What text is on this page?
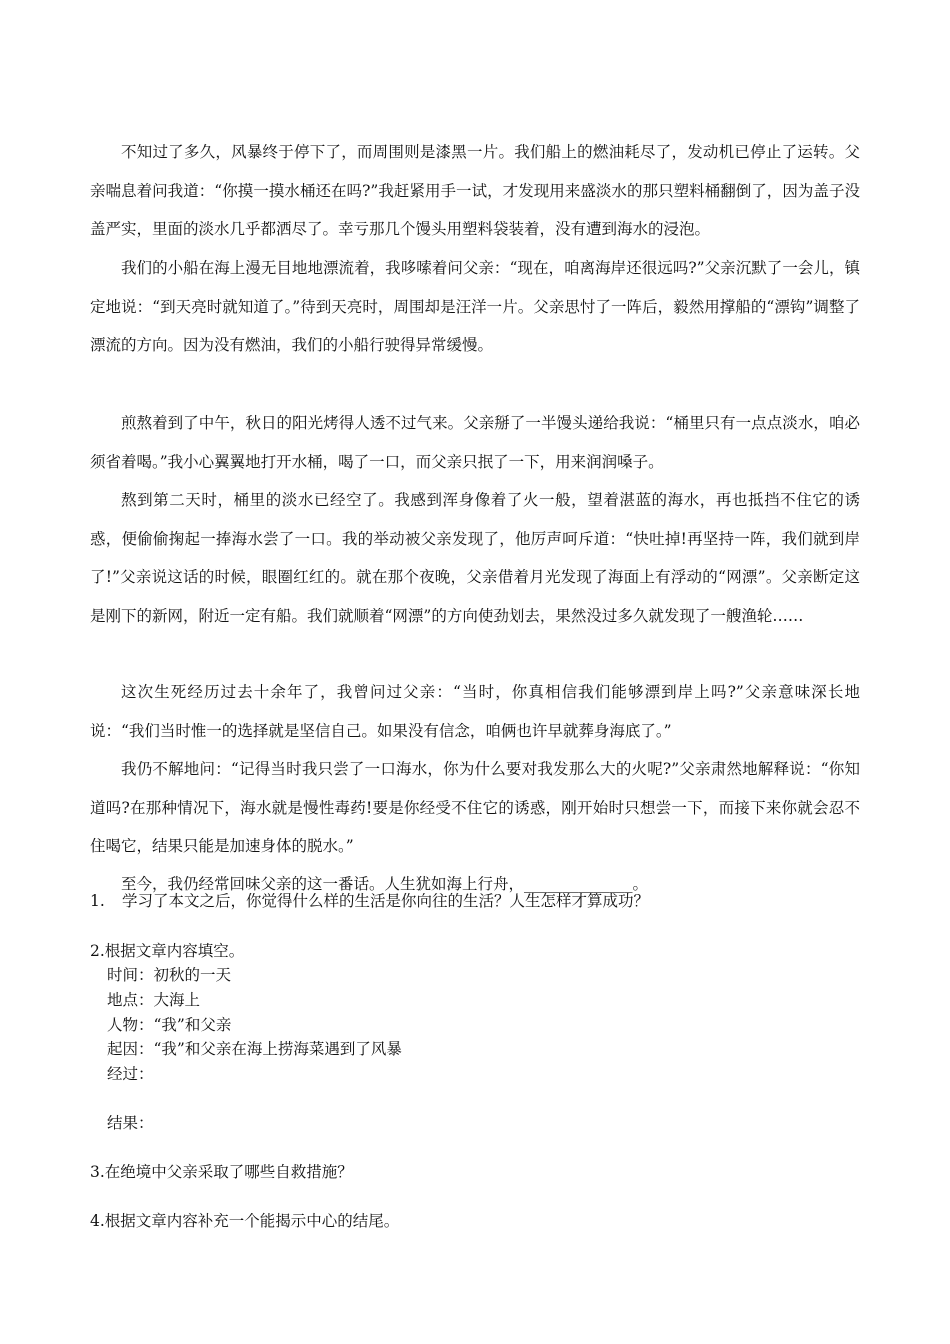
不知过了多久，风暴终于停下了，而周围则是漆黑一片。我们船上的燃油耗尽了，发动机已停止了运转。父亲喘息着问我道：“你摸一摸水桶还在吗?”我赶紧用手一试，才发现用来盛淡水的那只塑料桶翻倒了，因为盖子没盖严实，里面的淡水几乎都洒尽了。幸亏那几个馒头用塑料袋装着，没有遭到海水的浸泡。

我们的小船在海上漫无目地地漂流着，我哆嗦着问父亲：“现在，咱离海岸还很远吗?”父亲沉默了一会儿，镇定地说：“到天亮时就知道了。”待到天亮时，周围却是汪洋一片。父亲思忖了一阵后，毅然用撑船的“漂钩”调整了漂流的方向。因为没有燃油，我们的小船行驶得异常缓慢。

煎熬着到了中午，秋日的阳光烤得人透不过气来。父亲掰了一半馒头递给我说：“桶里只有一点点淡水，咱必须省着喝。”我小心翼翼地打开水桶，喝了一口，而父亲只抿了一下，用来润润嗓子。

熬到第二天时，桶里的淡水已经空了。我感到浑身像着了火一般，望着湛蓝的海水，再也抵挡不住它的诱惑，便偷偷掬起一捧海水尝了一口。我的举动被父亲发现了，他厉声呵斥道：“快吐掉!再坚持一阵，我们就到岸了!”父亲说这话的时候，眼圈红红的。就在那个夜晚，父亲借着月光发现了海面上有浮动的“网漂”。父亲断定这是刚下的新网，附近一定有船。我们就顺着“网漂”的方向使劲划去，果然没过多久就发现了一艘渔轮……

这次生死经历过去十余年了，我曾问过父亲：“当时，你真相信我们能够漂到岸上吗?”父亲意味深长地说：“我们当时惟一的选择就是坚信自己。如果没有信念，咱俩也许早就葬身海底了。”

我仍不解地问：“记得当时我只尝了一口海水，你为什么要对我发那么大的火呢?”父亲肃然地解释说：“你知道吗?在那种情况下，海水就是慢性毒药!要是你经受不住它的诱惑，刚开始时只想尝一下，而接下来你就会忍不住喝它，结果只能是加速身体的脱水。”

至今，我仍经常回味父亲的这一番话。人生犹如海上行舟，______________。

1. 学习了本文之后，你觉得什么样的生活是你向往的生活？人生怎样才算成功？

2.根据文章内容填空。

时间：初秋的一天

地点：大海上

人物：“我”和父亲

起因：“我”和父亲在海上捞海菜遇到了风暴

经过：

结果：

3.在绝境中父亲采取了哪些自救措施？

4.根据文章内容补充一个能揭示中心的结尾。
